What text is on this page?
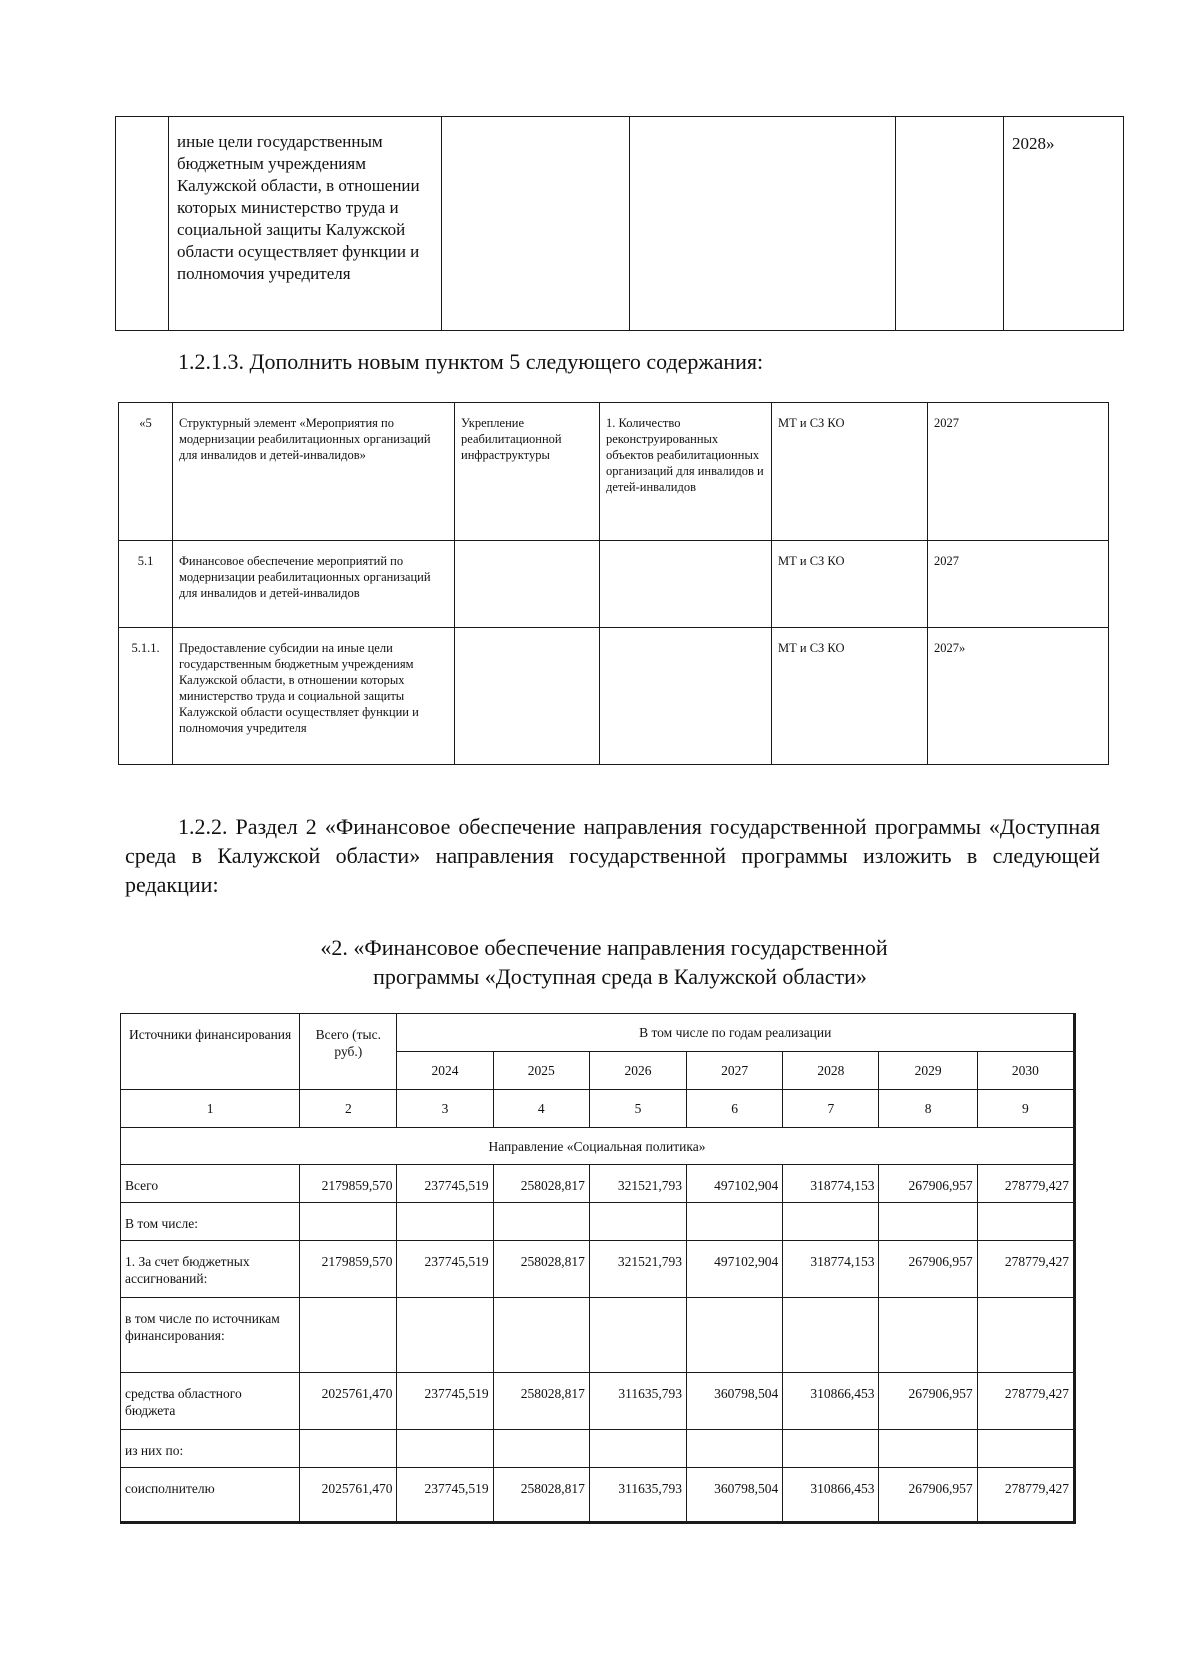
	иные цели государственным бюджетным учреждениям Калужской области, в отношении которых министерство труда и социальной защиты Калужской области осуществляет функции и полномочия учредителя				2028»

1.2.1.3. Дополнить новым пунктом 5 следующего содержания:

«5	Структурный элемент «Мероприятия по модернизации реабилитационных организаций для инвалидов и детей-инвалидов»	Укрепление реабилитационной инфраструктуры	1. Количество реконструированных объектов реабилитационных организаций для инвалидов и детей-инвалидов	МТ и СЗ КО	2027
5.1	Финансовое обеспечение мероприятий по модернизации реабилитационных организаций для инвалидов и детей-инвалидов			МТ и СЗ КО	2027
5.1.1.	Предоставление субсидии на иные цели государственным бюджетным учреждениям Калужской области, в отношении которых министерство труда и социальной защиты Калужской области осуществляет функции и полномочия учредителя			МТ и СЗ КО	2027»

1.2.2. Раздел 2 «Финансовое обеспечение направления государственной программы «Доступная среда в Калужской области» направления государственной программы изложить в следующей редакции:

«2. «Финансовое обеспечение направления государственной
программы «Доступная среда в Калужской области»
Источники финансирования	Всего (тыс. руб.)	В том числе по годам реализации						
		2024	2025	2026	2027	2028	2029	2030
1	2	3	4	5	6	7	8	9
Направление «Социальная политика»								
Всего	2179859,570	237745,519	258028,817	321521,793	497102,904	318774,153	267906,957	278779,427
В том числе:								
1. За счет бюджетных ассигнований:	2179859,570	237745,519	258028,817	321521,793	497102,904	318774,153	267906,957	278779,427
в том числе по источникам финансирования:								
средства областного бюджета	2025761,470	237745,519	258028,817	311635,793	360798,504	310866,453	267906,957	278779,427
из них по:								
соисполнителю	2025761,470	237745,519	258028,817	311635,793	360798,504	310866,453	267906,957	278779,427
